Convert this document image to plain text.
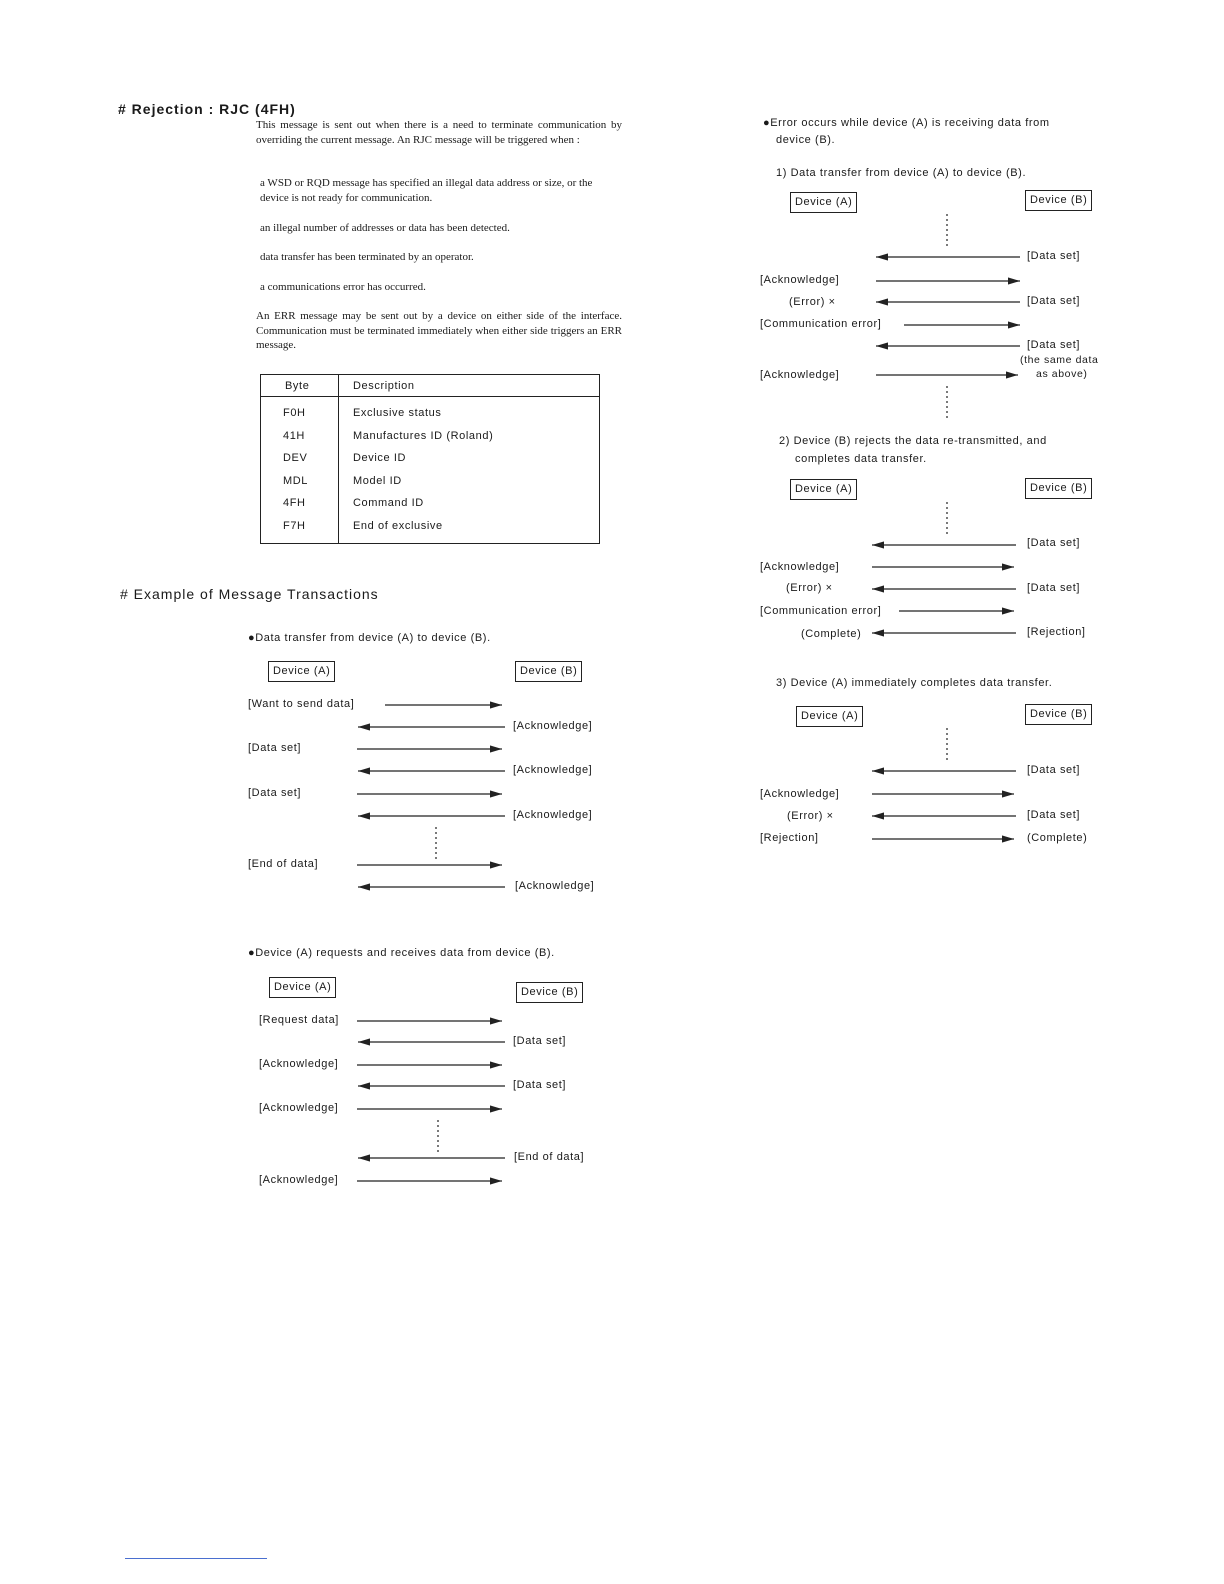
# Rejection : RJC (4FH)
This message is sent out when there is a need to terminate communication by overriding the current message. An RJC message will be triggered when :
a WSD or RQD message has specified an illegal data address or size, or the device is not ready for communication.
an illegal number of addresses or data has been detected.
data transfer has been terminated by an operator.
a communications error has occurred.
An ERR message may be sent out by a device on either side of the interface. Communication must be terminated immediately when either side triggers an ERR message.
Byte	Description
F0H	Exclusive status
41H	Manufactures ID (Roland)
DEV	Device ID
MDL	Model ID
4FH	Command ID
F7H	End of exclusive
# Example of Message Transactions
●Data transfer from device (A) to device (B).
Device (A)	Device (B)
[Want to send data]
[Acknowledge]
[Data set]
[Acknowledge]
[Data set]
[Acknowledge]
[End of data]
[Acknowledge]
●Device (A) requests and receives data from device (B).
Device (A)	Device (B)
[Request data]
[Data set]
[Acknowledge]
[Data set]
[Acknowledge]
[End of data]
[Acknowledge]
●Error occurs while device (A) is receiving data from
device (B).
1) Data transfer from device (A) to device (B).
Device (A)	Device (B)
[Data set]
[Acknowledge]
(Error) ×	[Data set]
[Communication error]
[Data set]
(the same data
as above)
[Acknowledge]
2) Device (B) rejects the data re-transmitted, and
completes data transfer.
Device (A)	Device (B)
[Data set]
[Acknowledge]
(Error) ×	[Data set]
[Communication error]
(Complete)	[Rejection]
3) Device (A) immediately completes data transfer.
Device (A)	Device (B)
[Data set]
[Acknowledge]
(Error) ×	[Data set]
[Rejection]	(Complete)
